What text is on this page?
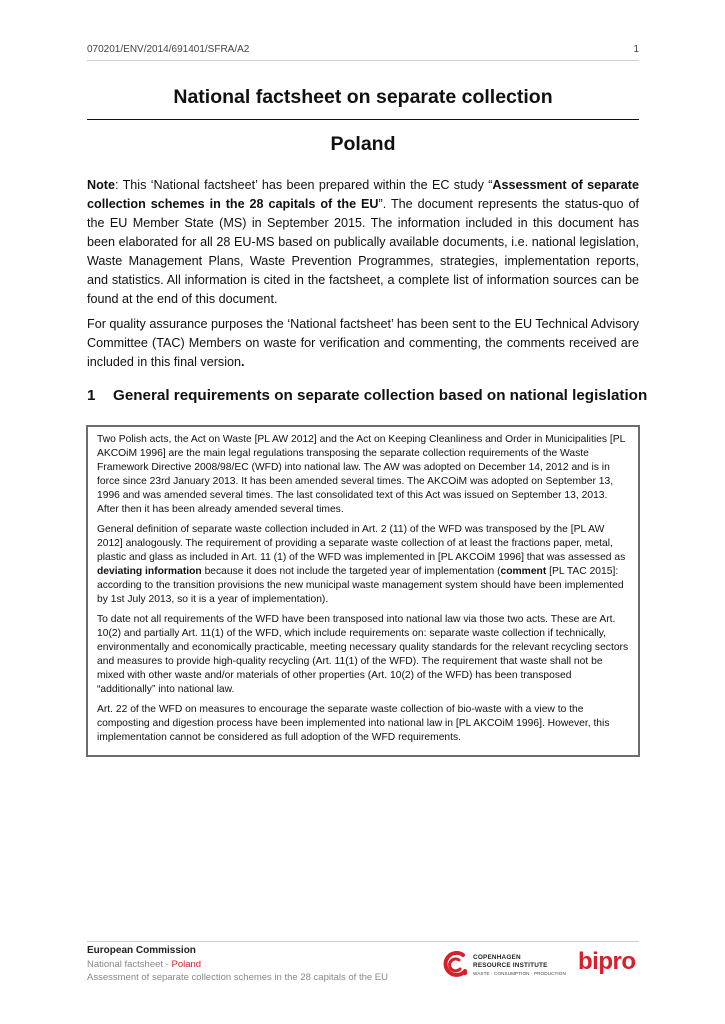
070201/ENV/2014/691401/SFRA/A2	1
National factsheet on separate collection
Poland

Note: This ‘National factsheet’ has been prepared within the EC study “Assessment of separate collection schemes in the 28 capitals of the EU”. The document represents the status-quo of the EU Member State (MS) in September 2015. The information included in this document has been elaborated for all 28 EU-MS based on publically available documents, i.e. national legislation, Waste Management Plans, Waste Prevention Programmes, strategies, implementation reports, and statistics. All information is cited in the factsheet, a complete list of information sources can be found at the end of this document.

For quality assurance purposes the ‘National factsheet’ has been sent to the EU Technical Advisory Committee (TAC) Members on waste for verification and commenting, the comments received are included in this final version.

1 General requirements on separate collection based on national legislation

Two Polish acts, the Act on Waste [PL AW 2012] and the Act on Keeping Cleanliness and Order in Municipalities [PL AKCOiM 1996] are the main legal regulations transposing the separate collection requirements of the Waste Framework Directive 2008/98/EC (WFD) into national law. The AW was adopted on December 14, 2012 and is in force since 23rd January 2013. It has been amended several times. The AKCOiM was adopted on September 13, 1996 and was amended several times. The last consolidated text of this Act was issued on September 13, 2013. After then it has been already amended several times.

General definition of separate waste collection included in Art. 2 (11) of the WFD was transposed by the [PL AW 2012] analogously. The requirement of providing a separate waste collection of at least the fractions paper, metal, plastic and glass as included in Art. 11 (1) of the WFD was implemented in [PL AKCOiM 1996] that was assessed as deviating information because it does not include the targeted year of implementation (comment [PL TAC 2015]: according to the transition provisions the new municipal waste management system should have been implemented by 1st July 2013, so it is a year of implementation).

To date not all requirements of the WFD have been transposed into national law via those two acts. These are Art. 10(2) and partially Art. 11(1) of the WFD, which include requirements on: separate waste collection if technically, environmentally and economically practicable, meeting necessary quality standards for the relevant recycling sectors and measures to provide high-quality recycling (Art. 11(1) of the WFD). The requirement that waste shall not be mixed with other waste and/or materials of other properties (Art. 10(2) of the WFD) has been transposed “additionally” into national law.

Art. 22 of the WFD on measures to encourage the separate waste collection of bio-waste with a view to the composting and digestion process have been implemented into national law in [PL AKCOiM 1996]. However, this implementation cannot be considered as full adoption of the WFD requirements.

European Commission
National factsheet - Poland
Assessment of separate collection schemes in the 28 capitals of the EU
COPENHAGEN
RESOURCE INSTITUTE
WASTE · CONSUMPTION · PRODUCTION bipro
